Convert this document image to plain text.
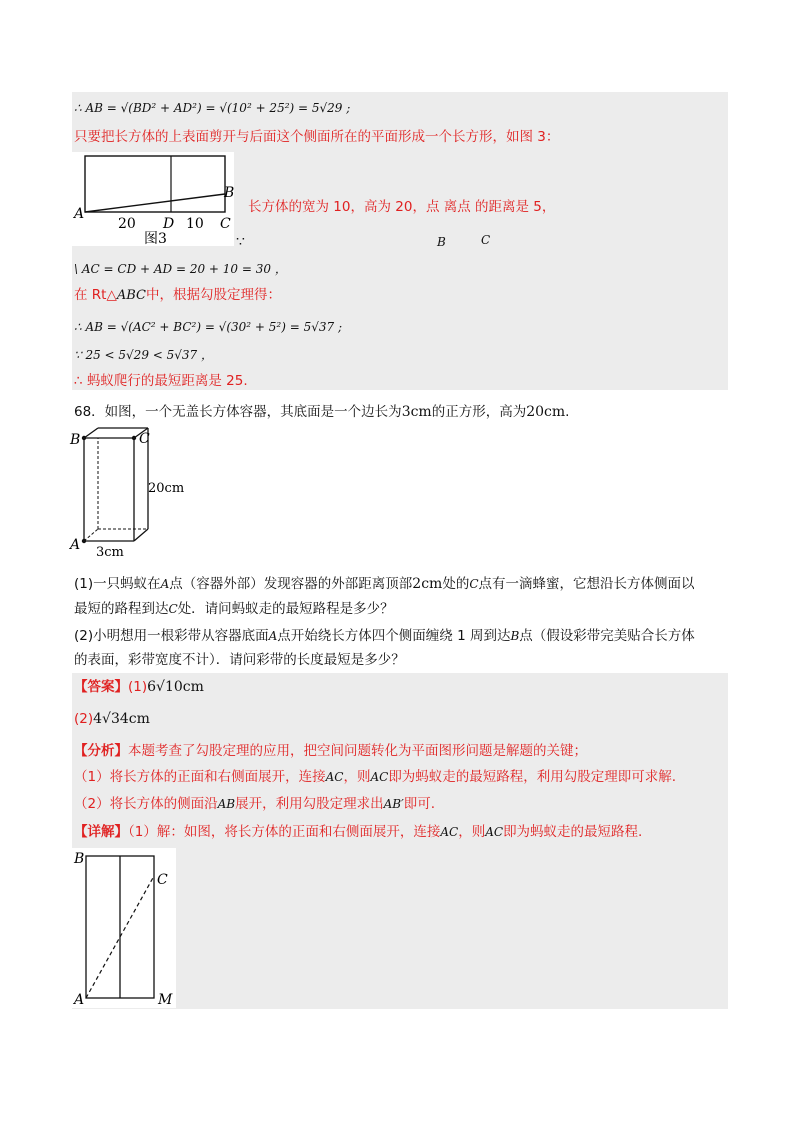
∴ AB = √(BD² + AD²) = √(10² + 25²) = 5√29 ;
只要把长方体的上表面剪开与后面这个侧面所在的平面形成一个长方形，如图 3：
B
A
20 D 10 C
图3
长方体的宽为 10，高为 20，点 离点 的距离是 5，
∵	B	C
\ AC = CD + AD = 20 + 10 = 30 ，
在 Rt△ABC中，根据勾股定理得：
∴ AB = √(AC² + BC²) = √(30² + 5²) = 5√37 ;
∵ 25 < 5√29 < 5√37 ，
∴ 蚂蚁爬行的最短距离是 25.
68．如图，一个无盖长方体容器，其底面是一个边长为3cm的正方形，高为20cm.
B	C
A
20cm
3cm
(1)一只蚂蚁在A点（容器外部）发现容器的外部距离顶部2cm处的C点有一滴蜂蜜，它想沿长方体侧面以
最短的路程到达C处．请问蚂蚁走的最短路程是多少？
(2)小明想用一根彩带从容器底面A点开始绕长方体四个侧面缠绕 1 周到达B点（假设彩带完美贴合长方体
的表面，彩带宽度不计）．请问彩带的长度最短是多少？
【答案】(1)6√10cm
(2)4√34cm
【分析】本题考查了勾股定理的应用，把空间问题转化为平面图形问题是解题的关键；
（1）将长方体的正面和右侧面展开，连接AC，则AC即为蚂蚁走的最短路程，利用勾股定理即可求解.
（2）将长方体的侧面沿AB展开，利用勾股定理求出AB′即可.
【详解】（1）解：如图，将长方体的正面和右侧面展开，连接AC，则AC即为蚂蚁走的最短路程.
B
C
A	M
